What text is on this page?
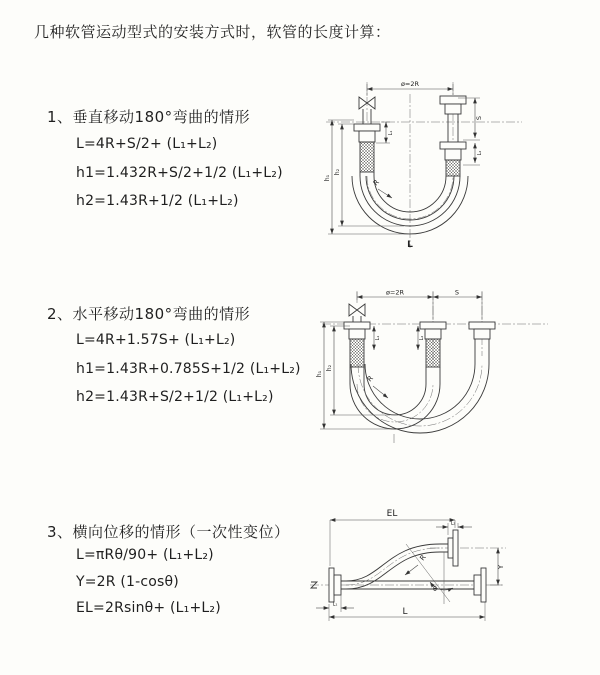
几种软管运动型式的安装方式时，软管的长度计算：
1、垂直移动180°弯曲的情形
L=4R+S/2+ (L₁+L₂)
h1=1.432R+S/2+1/2 (L₁+L₂)
h2=1.43R+1/2 (L₁+L₂)
ø=2R
S
L₂
L₁
h₁
h₂
R
L
2、水平移动180°弯曲的情形
L=4R+1.57S+ (L₁+L₂)
h1=1.43R+0.785S+1/2 (L₁+L₂)
h2=1.43R+S/2+1/2 (L₁+L₂)
ø=2R	S
L₁	L₂
h₁
h₂
R
3、横向位移的情形（一次性变位）
L=πRθ/90+ (L₁+L₂)
Y=2R (1-cosθ)
EL=2Rsinθ+ (L₁+L₂)
θ
R
EL
L₂
Y
L
L₁
